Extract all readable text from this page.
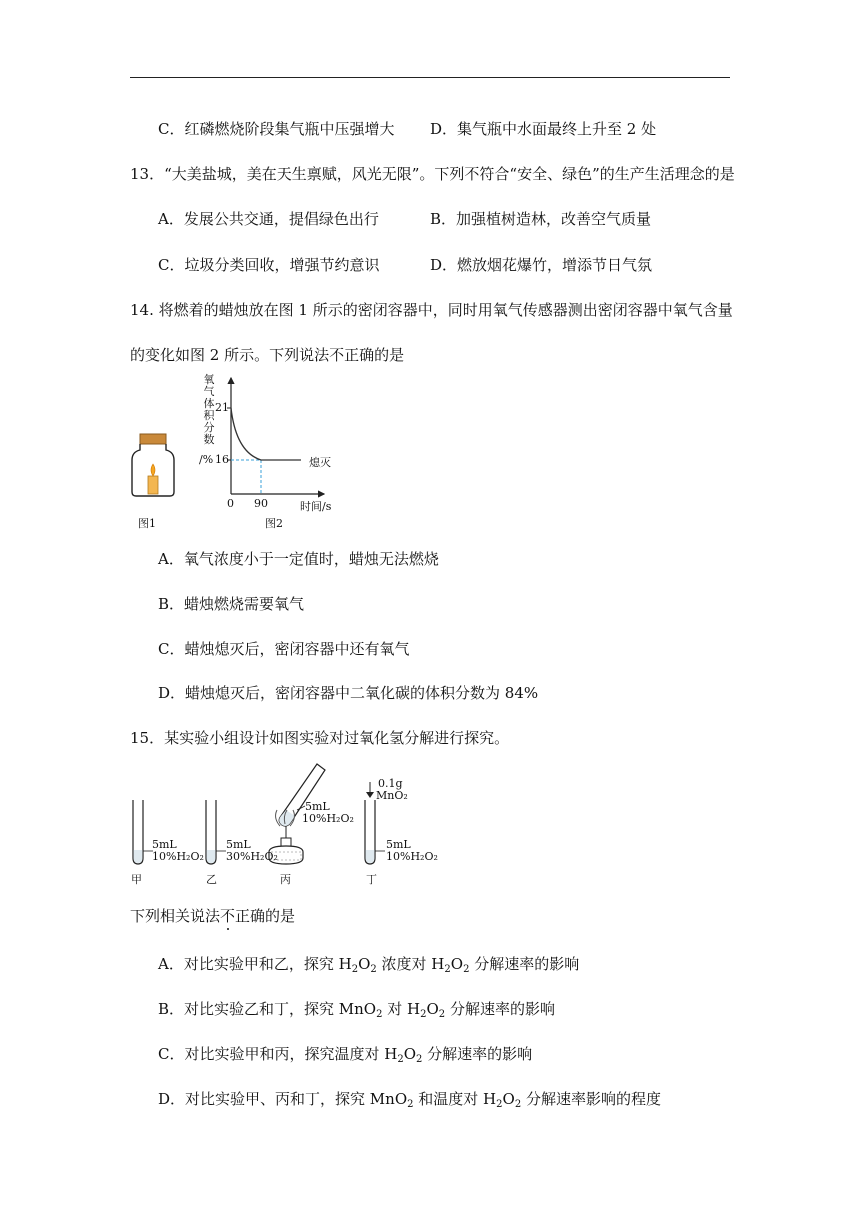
C．红磷燃烧阶段集气瓶中压强增大 D．集气瓶中水面最终上升至 2 处
13．“大美盐城，美在天生禀赋，风光无限”。下列不符合“安全、绿色”的生产生活理念的是
A．发展公共交通，提倡绿色出行	B．加强植树造林，改善空气质量
C．垃圾分类回收，增强节约意识	D．燃放烟花爆竹，增添节日气氛
14. 将燃着的蜡烛放在图 1 所示的密闭容器中，同时用氧气传感器测出密闭容器中氧气含量
的变化如图 2 所示。下列说法不正确的是
图1
氧
气
体
积
分
数
/%
21
16
0 90	时间/s
熄灭
图2
A．氧气浓度小于一定值时，蜡烛无法燃烧
B．蜡烛燃烧需要氧气
C．蜡烛熄灭后，密闭容器中还有氧气
D．蜡烛熄灭后，密闭容器中二氧化碳的体积分数为 84%
15．某实验小组设计如图实验对过氧化氢分解进行探究。
5mL
10%H₂O₂
甲
5mL
30%H₂O₂
乙
5mL
10%H₂O₂
丙
0.1g
MnO₂
5mL
10%H₂O₂
丁
下列相关说法不正确的是
A．对比实验甲和乙，探究 $H_2O_2$ 浓度对 $H_2O_2$ 分解速率的影响
B．对比实验乙和丁，探究 MnO$_2$ 对 $H_2O_2$ 分解速率的影响
C．对比实验甲和丙，探究温度对 $H_2O_2$ 分解速率的影响
D．对比实验甲、丙和丁，探究 MnO$_2$ 和温度对 $H_2O_2$ 分解速率影响的程度
